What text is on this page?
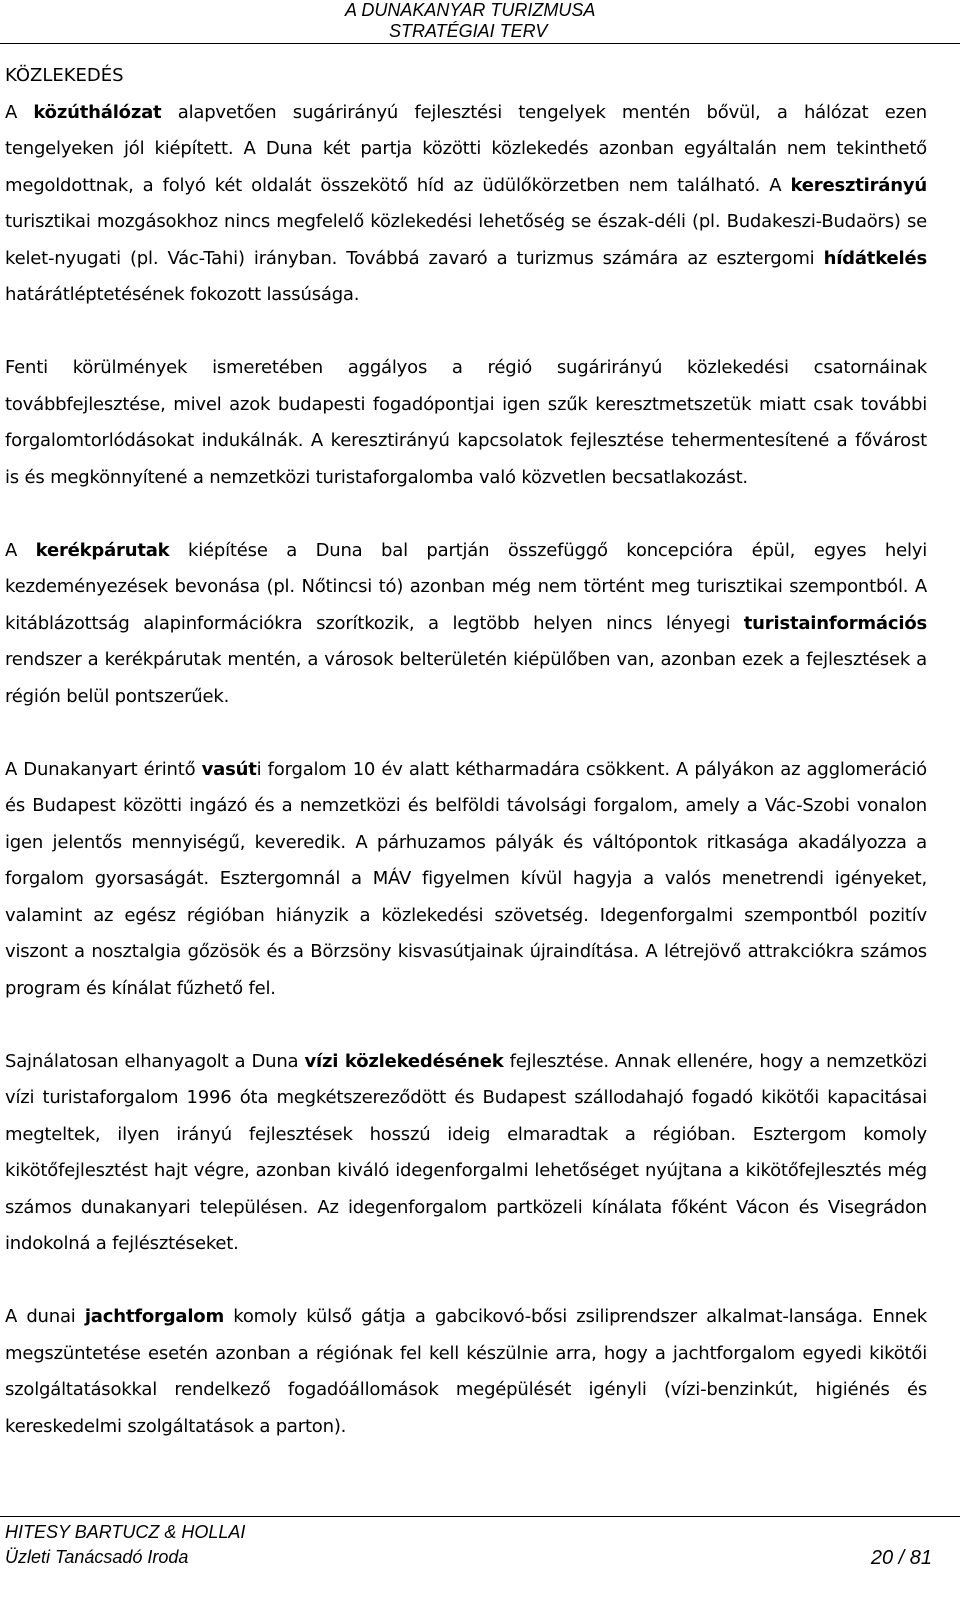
A DUNAKANYAR TURIZMUSA
STRATÉGIAI TERV
KÖZLEKEDÉS

A közúthálózat alapvetően sugárirányú fejlesztési tengelyek mentén bővül, a hálózat ezen tengelyeken jól kiépített. A Duna két partja közötti közlekedés azonban egyáltalán nem tekinthető megoldottnak, a folyó két oldalát összekötő híd az üdülőkörzetben nem található. A keresztirányú turisztikai mozgásokhoz nincs megfelelő közlekedési lehetőség se észak-déli (pl. Budakeszi-Budaörs) se kelet-nyugati (pl. Vác-Tahi) irányban. Továbbá zavaró a turizmus számára az esztergomi hídátkelés határátléptetésének fokozott lassúsága.

Fenti körülmények ismeretében aggályos a régió sugárirányú közlekedési csatornáinak továbbfejlesztése, mivel azok budapesti fogadópontjai igen szűk keresztmetszetük miatt csak további forgalomtorlódásokat indukálnák. A keresztirányú kapcsolatok fejlesztése tehermentesítené a fővárost is és megkönnyítené a nemzetközi turistaforgalomba való közvetlen becsatlakozást.

A kerékpárutak kiépítése a Duna bal partján összefüggő koncepcióra épül, egyes helyi kezdeményezések bevonása (pl. Nőtincsi tó) azonban még nem történt meg turisztikai szempontból. A kitáblázottság alapinformációkra szorítkozik, a legtöbb helyen nincs lényegi turistainformációs rendszer a kerékpárutak mentén, a városok belterületén kiépülőben van, azonban ezek a fejlesztések a régión belül pontszerűek.

A Dunakanyart érintő vasúti forgalom 10 év alatt kétharmadára csökkent. A pályákon az agglomeráció és Budapest közötti ingázó és a nemzetközi és belföldi távolsági forgalom, amely a Vác-Szobi vonalon igen jelentős mennyiségű, keveredik. A párhuzamos pályák és váltópontok ritkasága akadályozza a forgalom gyorsaságát. Esztergomnál a MÁV figyelmen kívül hagyja a valós menetrendi igényeket, valamint az egész régióban hiányzik a közlekedési szövetség. Idegenforgalmi szempontból pozitív viszont a nosztalgia gőzösök és a Börzsöny kisvasútjainak újraindítása. A létrejövő attrakciókra számos program és kínálat fűzhető fel.

Sajnálatosan elhanyagolt a Duna vízi közlekedésének fejlesztése. Annak ellenére, hogy a nemzetközi vízi turistaforgalom 1996 óta megkétszereződött és Budapest szállodahajó fogadó kikötői kapacitásai megteltek, ilyen irányú fejlesztések hosszú ideig elmaradtak a régióban. Esztergom komoly kikötőfejlesztést hajt végre, azonban kiváló idegenforgalmi lehetőséget nyújtana a kikötőfejlesztés még számos dunakanyari településen. Az idegenforgalom partközeli kínálata főként Vácon és Visegrádon indokolná a fejlésztéseket.

A dunai jachtforgalom komoly külső gátja a gabcikovó-bősi zsiliprendszer alkalmat-lansága. Ennek megszüntetése esetén azonban a régiónak fel kell készülnie arra, hogy a jachtforgalom egyedi kikötői szolgáltatásokkal rendelkező fogadóállomások megépülését igényli (vízi-benzinkút, higiénés és kereskedelmi szolgáltatások a parton).

HITESY BARTUCZ & HOLLAI
Üzleti Tanácsadó Iroda	20 / 81
